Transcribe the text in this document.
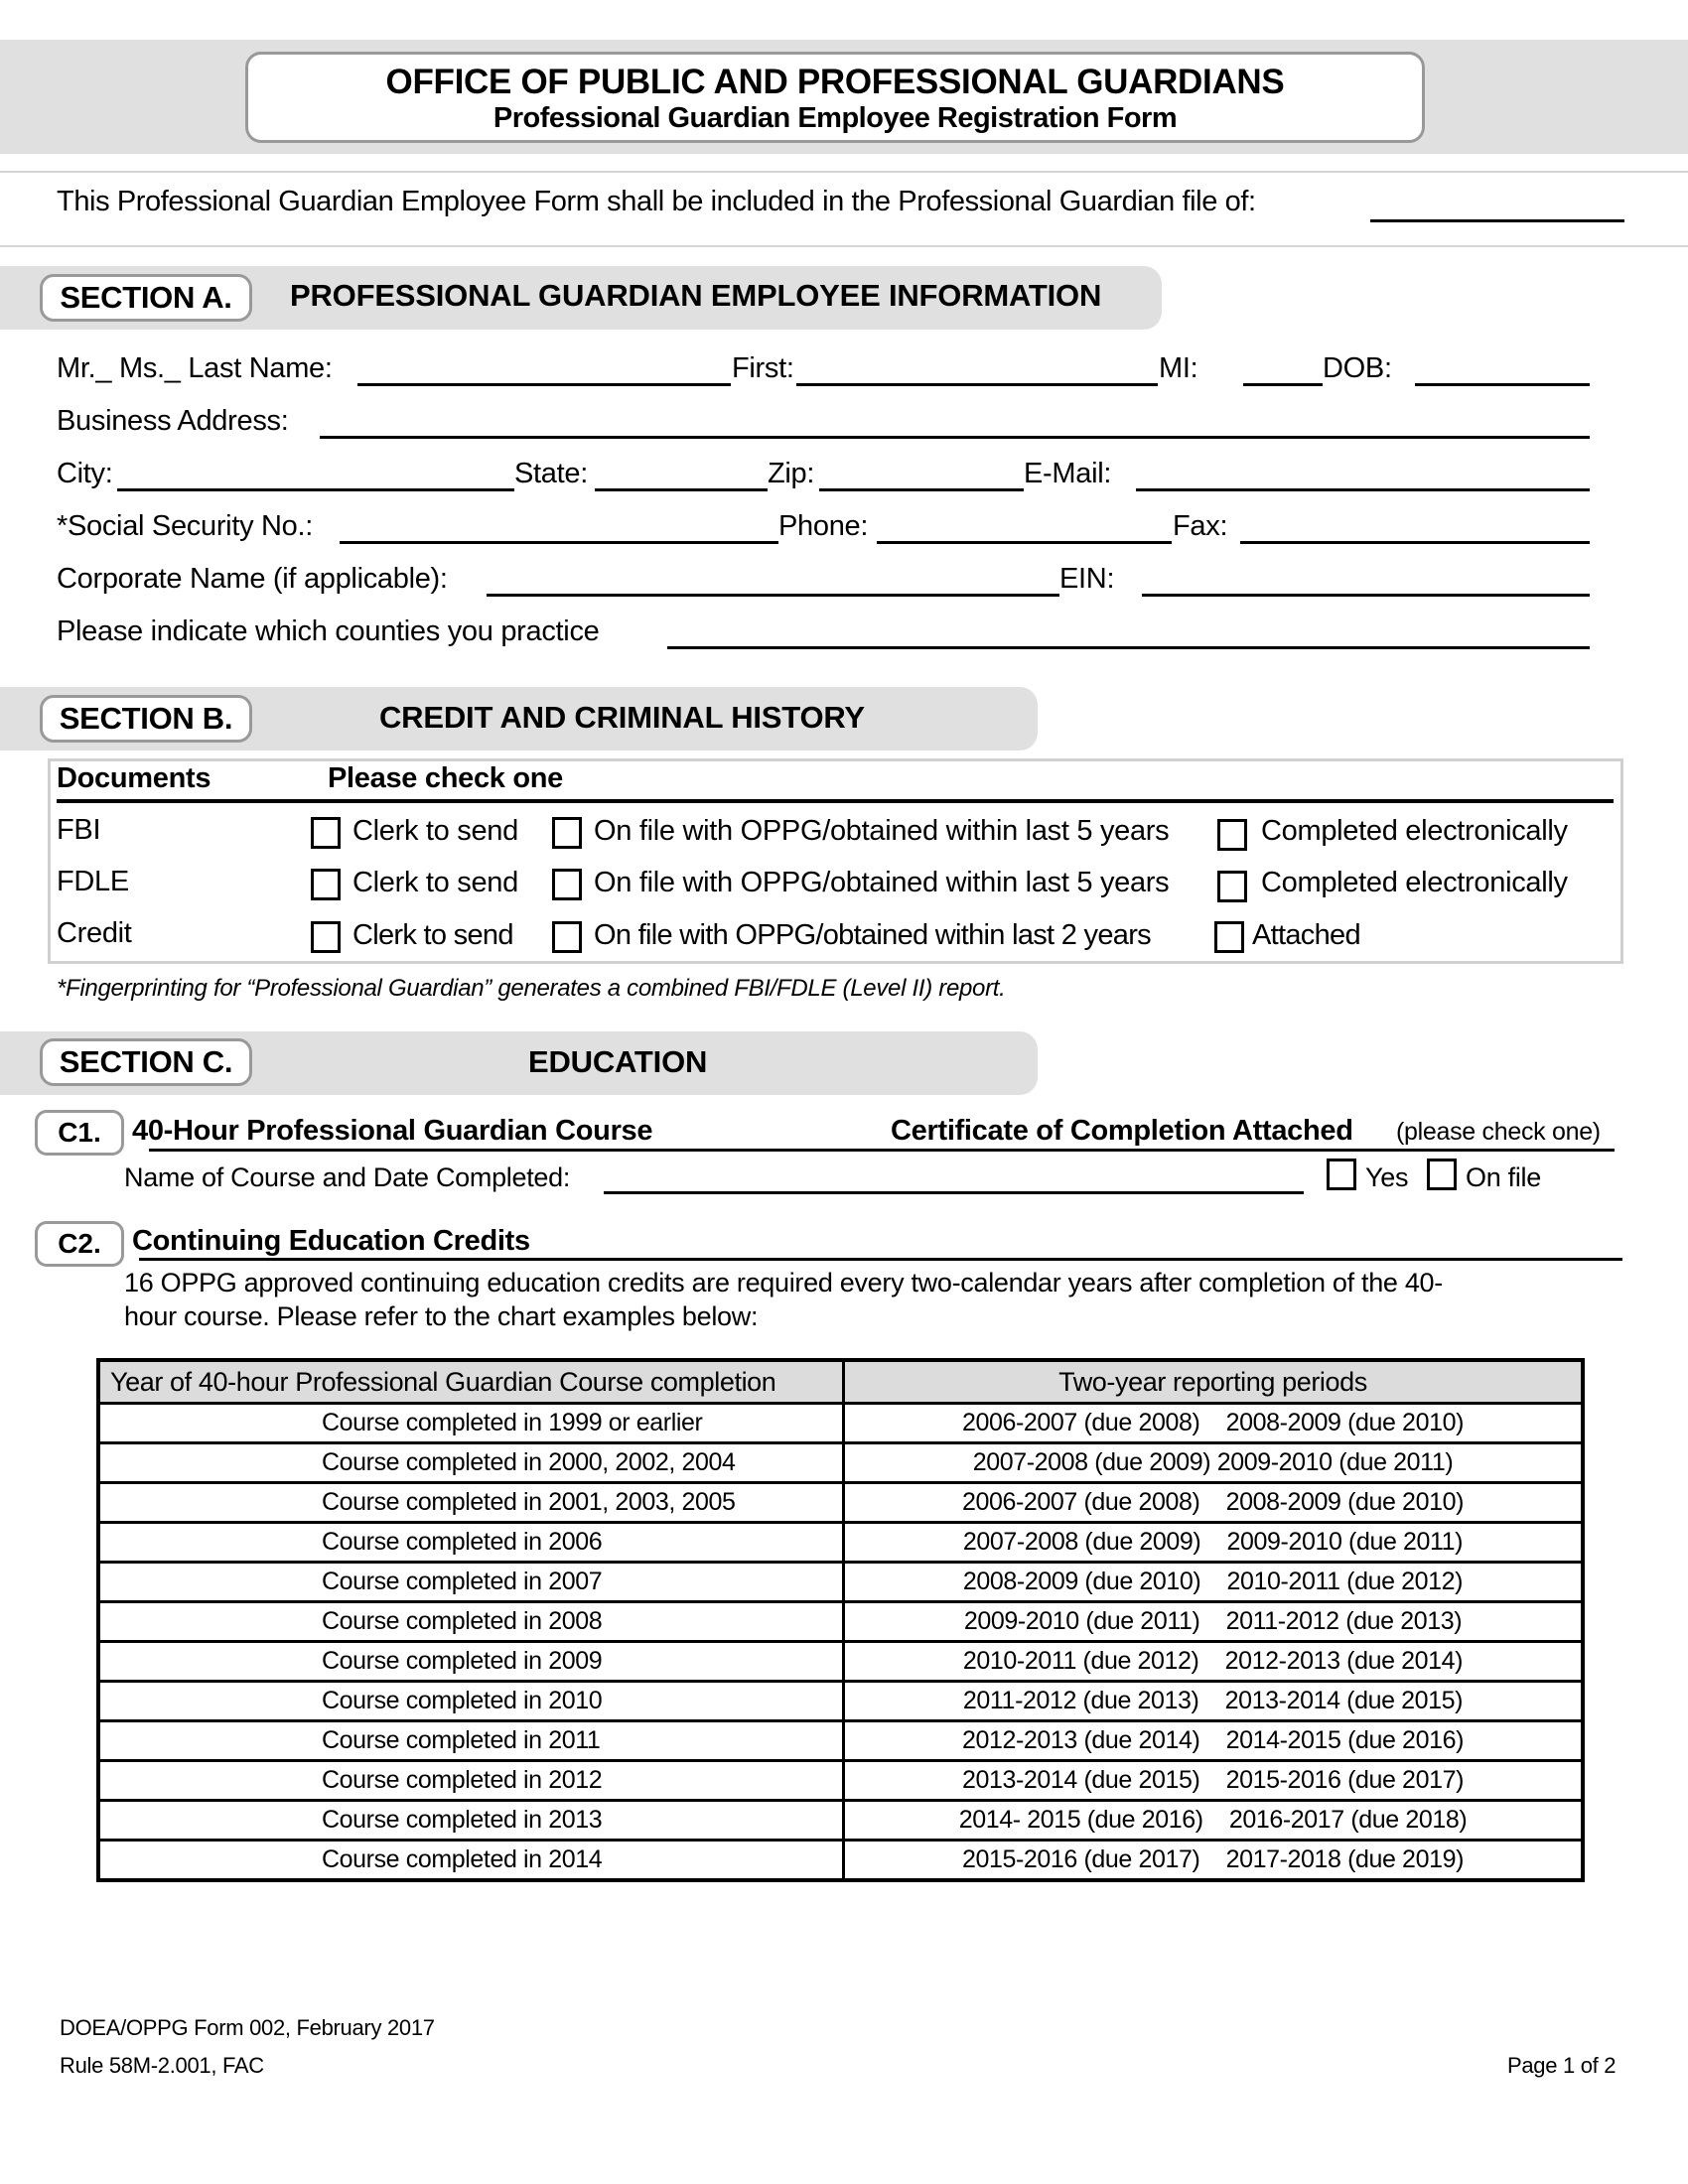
OFFICE OF PUBLIC AND PROFESSIONAL GUARDIANS
Professional Guardian Employee Registration Form
This Professional Guardian Employee Form shall be included in the Professional Guardian file of:
SECTION A.	PROFESSIONAL GUARDIAN EMPLOYEE INFORMATION
Mr._ Ms._ Last Name:	First:	MI:	DOB:
Business Address:
City:	State:	Zip:	E-Mail:
*Social Security No.:	Phone:	Fax:
Corporate Name (if applicable):	EIN:
Please indicate which counties you practice
SECTION B.	CREDIT AND CRIMINAL HISTORY
Documents	Please check one
FBI	Clerk to send	On file with OPPG/obtained within last 5 years	Completed electronically
FDLE	Clerk to send	On file with OPPG/obtained within last 5 years	Completed electronically
Credit	Clerk to send	On file with OPPG/obtained within last 2 years	Attached
*Fingerprinting for “Professional Guardian” generates a combined FBI/FDLE (Level II) report.
SECTION C.	EDUCATION
C1.	40-Hour Professional Guardian Course	Certificate of Completion Attached (please check one)
Name of Course and Date Completed:	Yes On file
C2.	Continuing Education Credits
16 OPPG approved continuing education credits are required every two-calendar years after completion of the 40-
hour course. Please refer to the chart examples below:
Year of 40-hour Professional Guardian Course completion	Two-year reporting periods
Course completed in 1999 or earlier	2006-2007 (due 2008)    2008-2009 (due 2010)
Course completed in 2000, 2002, 2004	2007-2008 (due 2009) 2009-2010 (due 2011)
Course completed in 2001, 2003, 2005	2006-2007 (due 2008)    2008-2009 (due 2010)
Course completed in 2006	2007-2008 (due 2009)    2009-2010 (due 2011)
Course completed in 2007	2008-2009 (due 2010)    2010-2011 (due 2012)
Course completed in 2008	2009-2010 (due 2011)    2011-2012 (due 2013)
Course completed in 2009	2010-2011 (due 2012)    2012-2013 (due 2014)
Course completed in 2010	2011-2012 (due 2013)    2013-2014 (due 2015)
Course completed in 2011	2012-2013 (due 2014)    2014-2015 (due 2016)
Course completed in 2012	2013-2014 (due 2015)    2015-2016 (due 2017)
Course completed in 2013	2014- 2015 (due 2016)    2016-2017 (due 2018)
Course completed in 2014	2015-2016 (due 2017)    2017-2018 (due 2019)
DOEA/OPPG Form 002, February 2017
Rule 58M-2.001, FAC	Page 1 of 2
